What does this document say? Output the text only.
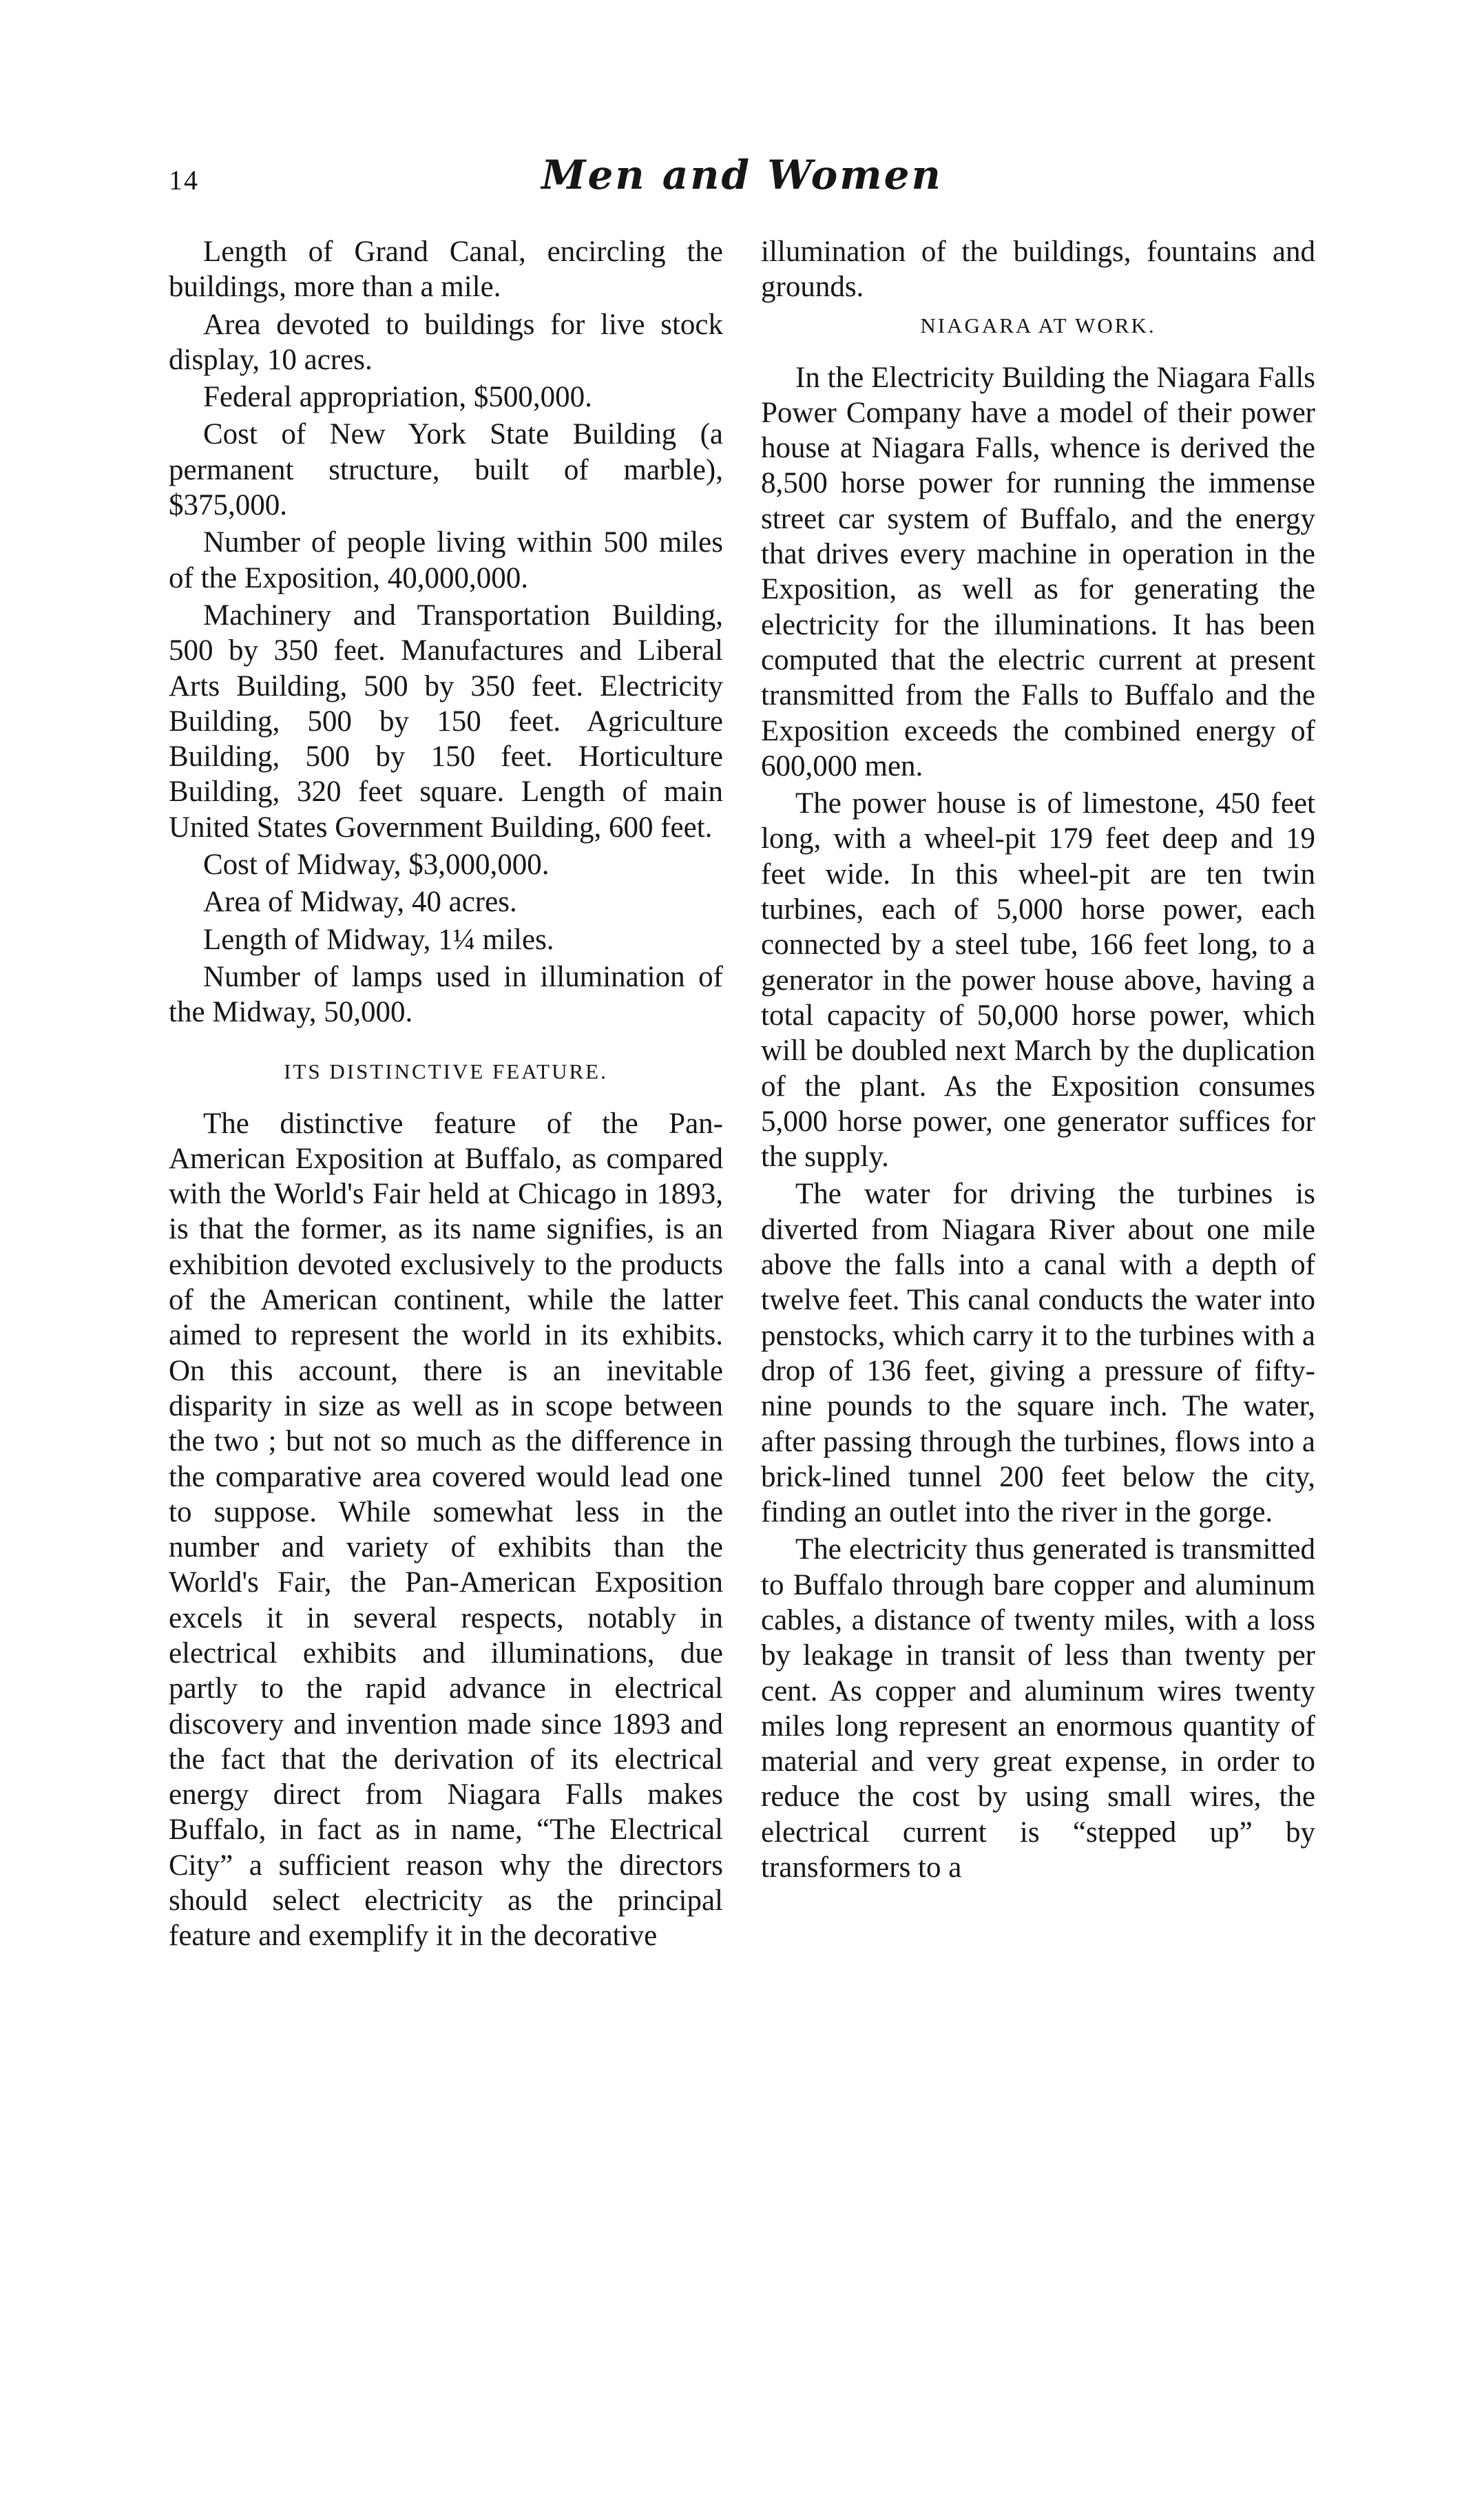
14	Men and Women

Length of Grand Canal, encircling the buildings, more than a mile.

Area devoted to buildings for live stock display, 10 acres.

Federal appropriation, $500,000.

Cost of New York State Building (a permanent structure, built of marble), $375,000.

Number of people living within 500 miles of the Exposition, 40,000,000.

Machinery and Transportation Building, 500 by 350 feet. Manufactures and Liberal Arts Building, 500 by 350 feet. Electricity Building, 500 by 150 feet. Agriculture Building, 500 by 150 feet. Horticulture Building, 320 feet square. Length of main United States Government Building, 600 feet.

Cost of Midway, $3,000,000.

Area of Midway, 40 acres.

Length of Midway, 1¼ miles.

Number of lamps used in illumination of the Midway, 50,000.

ITS DISTINCTIVE FEATURE.

The distinctive feature of the Pan-American Exposition at Buffalo, as compared with the World's Fair held at Chicago in 1893, is that the former, as its name signifies, is an exhibition devoted exclusively to the products of the American continent, while the latter aimed to represent the world in its exhibits. On this account, there is an inevitable disparity in size as well as in scope between the two ; but not so much as the difference in the comparative area covered would lead one to suppose. While somewhat less in the number and variety of exhibits than the World's Fair, the Pan-American Exposition excels it in several respects, notably in electrical exhibits and illuminations, due partly to the rapid advance in electrical discovery and invention made since 1893 and the fact that the derivation of its electrical energy direct from Niagara Falls makes Buffalo, in fact as in name, “The Electrical City” a sufficient reason why the directors should select electricity as the principal feature and exemplify it in the decorative

illumination of the buildings, fountains and grounds.

NIAGARA AT WORK.

In the Electricity Building the Niagara Falls Power Company have a model of their power house at Niagara Falls, whence is derived the 8,500 horse power for running the immense street car system of Buffalo, and the energy that drives every machine in operation in the Exposition, as well as for generating the electricity for the illuminations. It has been computed that the electric current at present transmitted from the Falls to Buffalo and the Exposition exceeds the combined energy of 600,000 men.

The power house is of limestone, 450 feet long, with a wheel-pit 179 feet deep and 19 feet wide. In this wheel-pit are ten twin turbines, each of 5,000 horse power, each connected by a steel tube, 166 feet long, to a generator in the power house above, having a total capacity of 50,000 horse power, which will be doubled next March by the duplication of the plant. As the Exposition consumes 5,000 horse power, one generator suffices for the supply.

The water for driving the turbines is diverted from Niagara River about one mile above the falls into a canal with a depth of twelve feet. This canal conducts the water into penstocks, which carry it to the turbines with a drop of 136 feet, giving a pressure of fifty-nine pounds to the square inch. The water, after passing through the turbines, flows into a brick-lined tunnel 200 feet below the city, finding an outlet into the river in the gorge.

The electricity thus generated is transmitted to Buffalo through bare copper and aluminum cables, a distance of twenty miles, with a loss by leakage in transit of less than twenty per cent. As copper and aluminum wires twenty miles long represent an enormous quantity of material and very great expense, in order to reduce the cost by using small wires, the electrical current is “stepped up” by transformers to a
